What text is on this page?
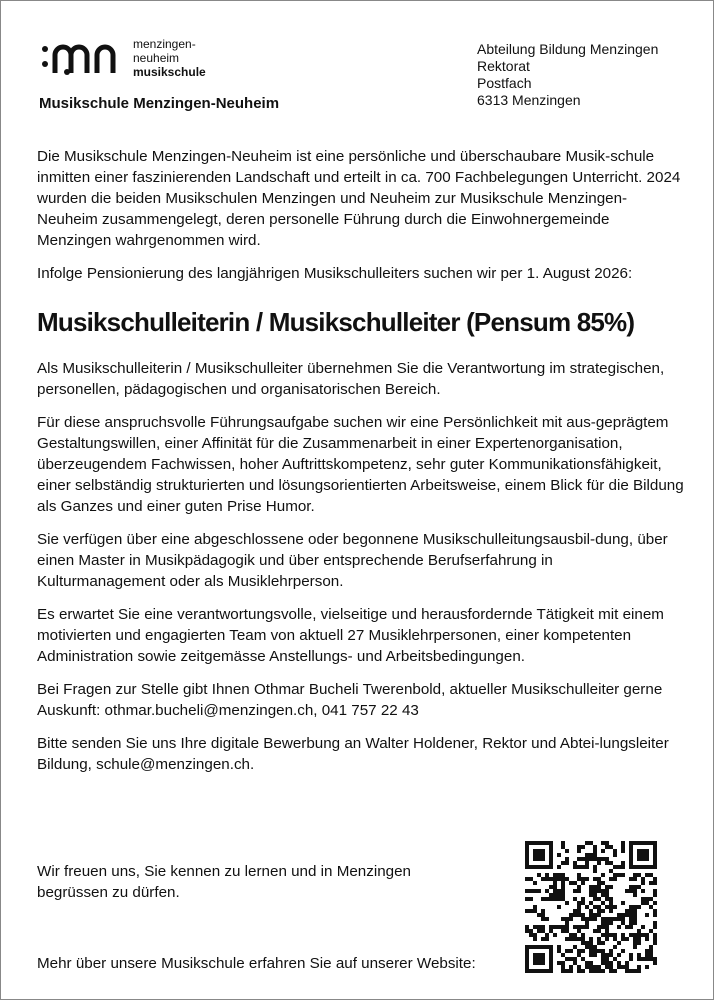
menzingen-
neuheim
musikschule
Musikschule Menzingen-Neuheim
Abteilung Bildung Menzingen
Rektorat
Postfach
6313 Menzingen

Die Musikschule Menzingen-Neuheim ist eine persönliche und überschaubare Musik-schule inmitten einer faszinierenden Landschaft und erteilt in ca. 700 Fachbelegungen Unterricht. 2024 wurden die beiden Musikschulen Menzingen und Neuheim zur Musikschule Menzingen-Neuheim zusammengelegt, deren personelle Führung durch die Einwohnergemeinde Menzingen wahrgenommen wird.

Infolge Pensionierung des langjährigen Musikschulleiters suchen wir per 1. August 2026:

Musikschulleiterin / Musikschulleiter (Pensum 85%)

Als Musikschulleiterin / Musikschulleiter übernehmen Sie die Verantwortung im strategischen, personellen, pädagogischen und organisatorischen Bereich.

Für diese anspruchsvolle Führungsaufgabe suchen wir eine Persönlichkeit mit aus-geprägtem Gestaltungswillen, einer Affinität für die Zusammenarbeit in einer Expertenorganisation, überzeugendem Fachwissen, hoher Auftrittskompetenz, sehr guter Kommunikationsfähigkeit, einer selbständig strukturierten und lösungsorientierten Arbeitsweise, einem Blick für die Bildung als Ganzes und einer guten Prise Humor.

Sie verfügen über eine abgeschlossene oder begonnene Musikschulleitungsausbil-dung, über einen Master in Musikpädagogik und über entsprechende Berufserfahrung in Kulturmanagement oder als Musiklehrperson.

Es erwartet Sie eine verantwortungsvolle, vielseitige und herausfordernde Tätigkeit mit einem motivierten und engagierten Team von aktuell 27 Musiklehrpersonen, einer kompetenten Administration sowie zeitgemässe Anstellungs- und Arbeitsbedingungen.

Bei Fragen zur Stelle gibt Ihnen Othmar Bucheli Twerenbold, aktueller Musikschulleiter gerne Auskunft: othmar.bucheli@menzingen.ch, 041 757 22 43

Bitte senden Sie uns Ihre digitale Bewerbung an Walter Holdener, Rektor und Abtei-lungsleiter Bildung, schule@menzingen.ch.

Wir freuen uns, Sie kennen zu lernen und in Menzingen begrüssen zu dürfen.
Mehr über unsere Musikschule erfahren Sie auf unserer Website:
